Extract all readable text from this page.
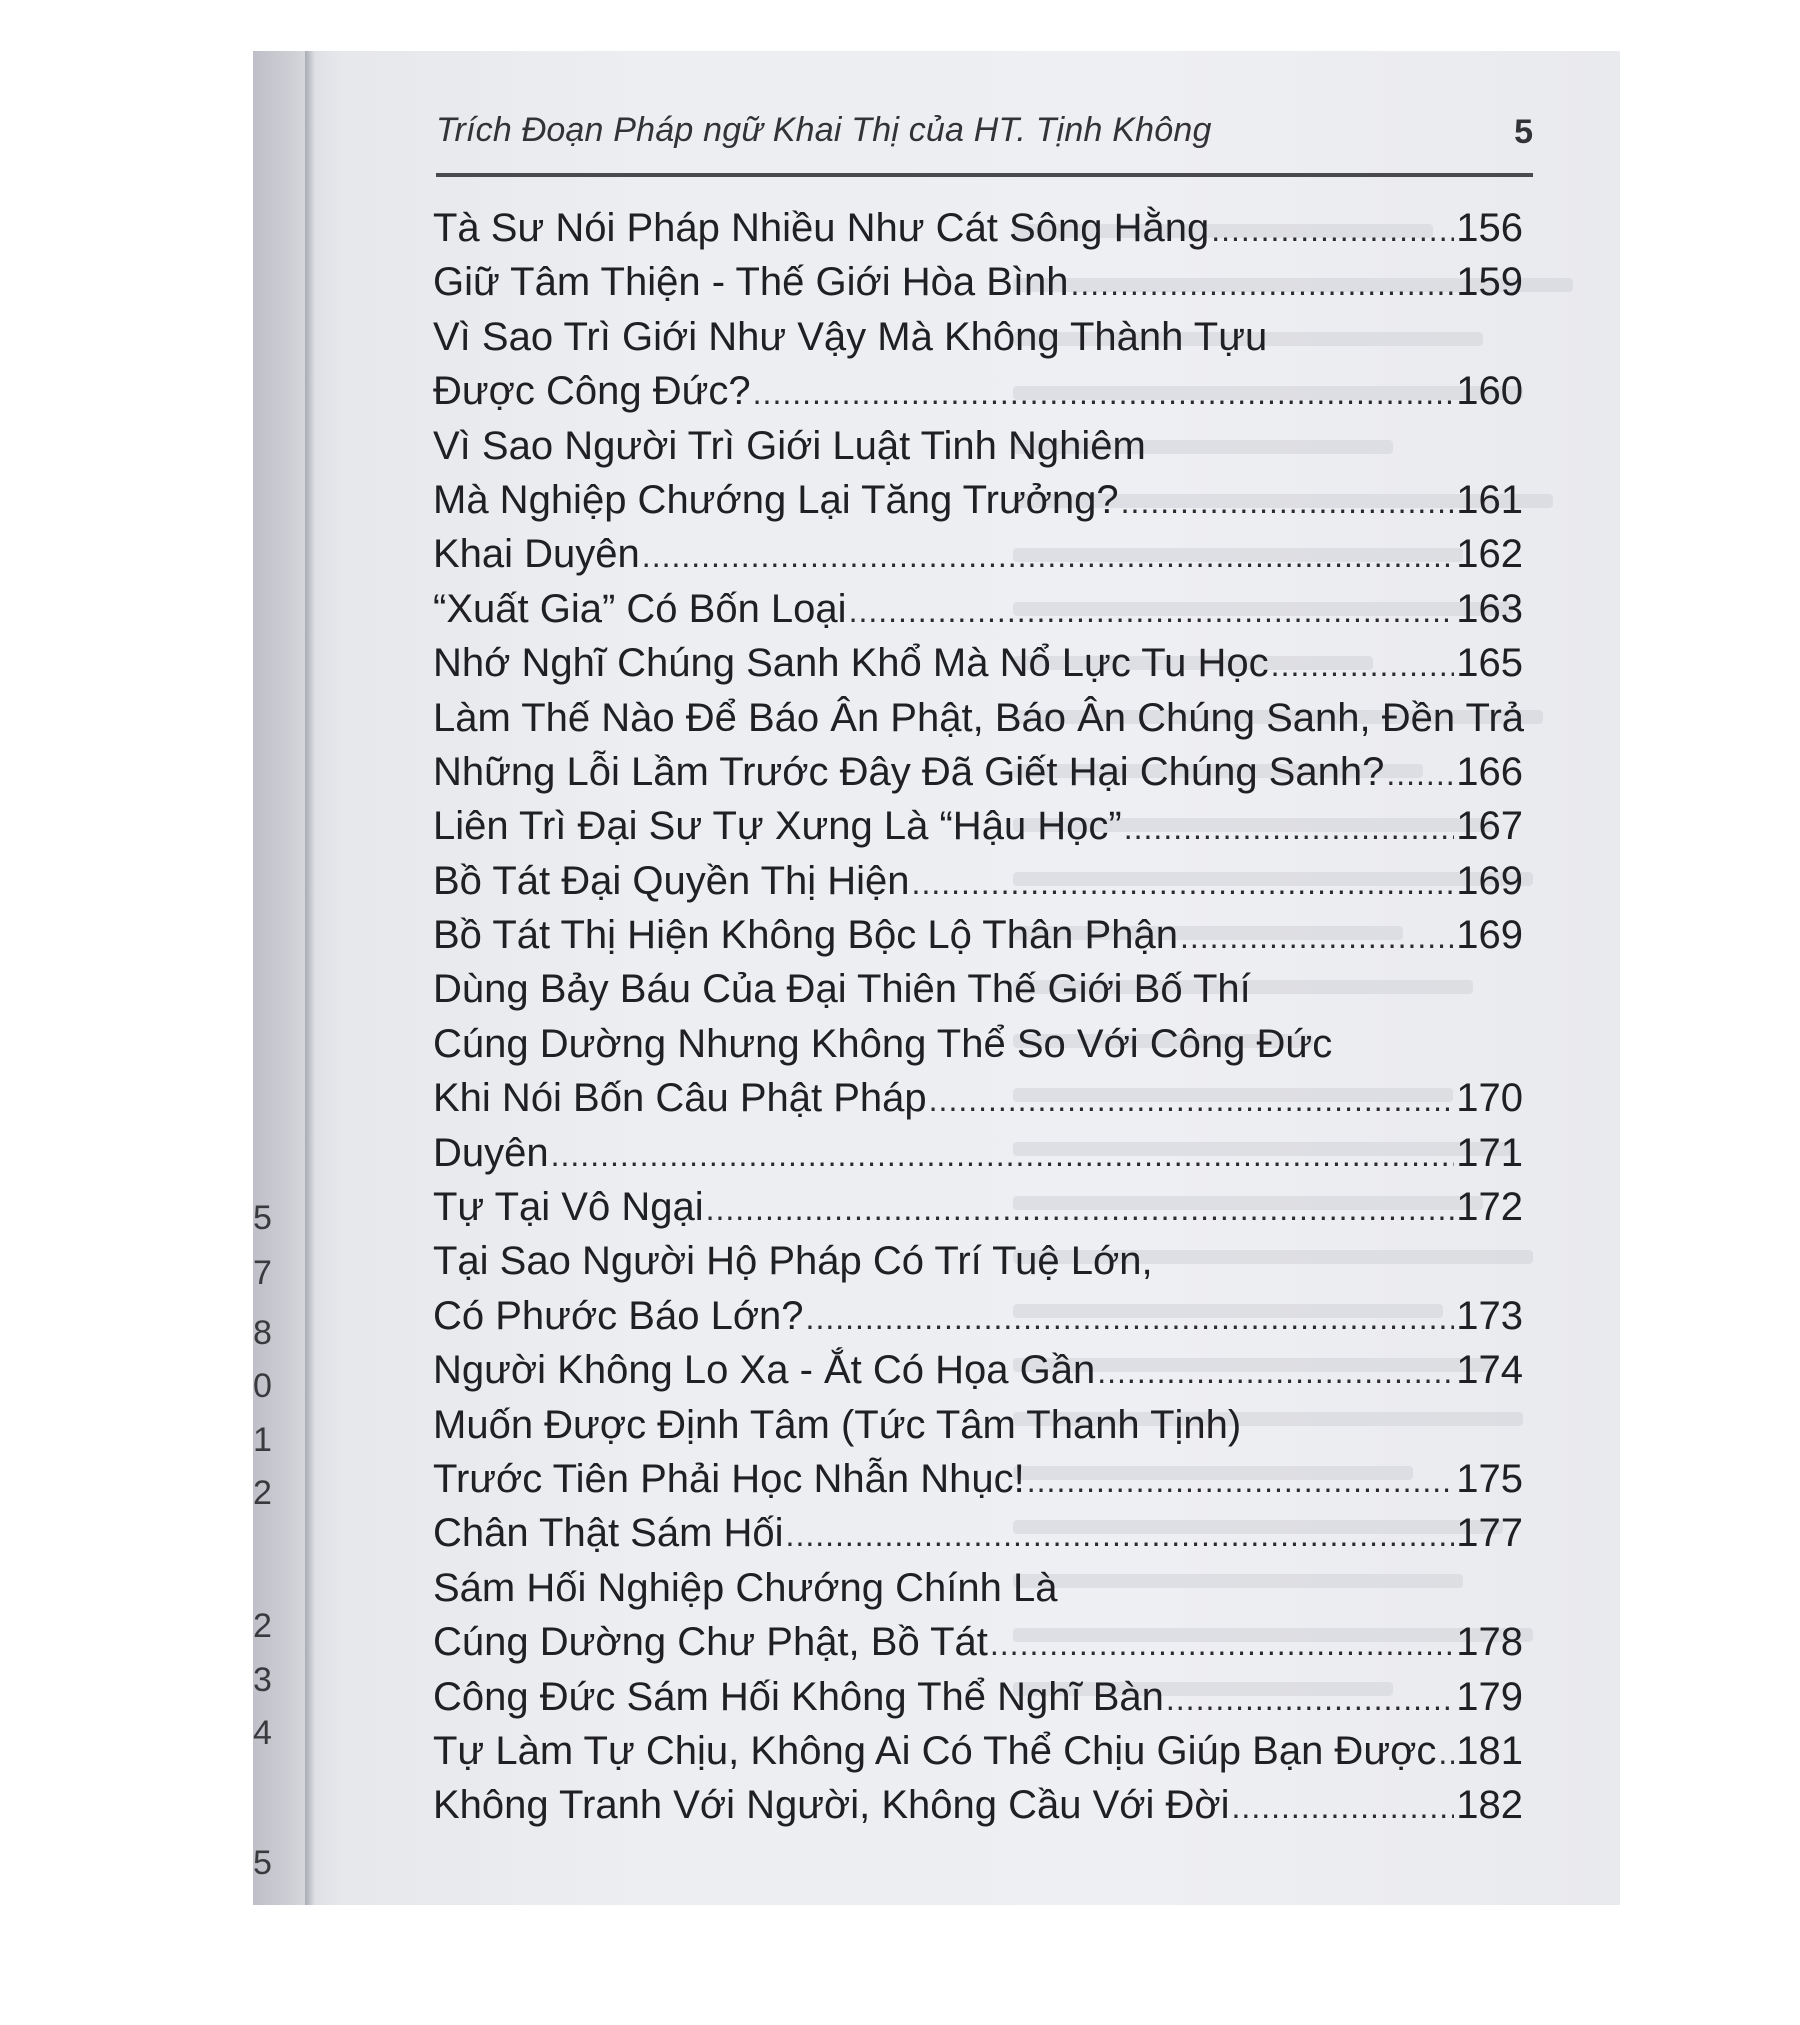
5
7
8
0
1
2
2
3
4
5
Trích Đoạn Pháp ngữ Khai Thị của HT. Tịnh Không	5
Tà Sư Nói Pháp Nhiều Như Cát Sông Hằng .....	156
Giữ Tâm Thiện - Thế Giới Hòa Bình .....	159
Vì Sao Trì Giới Như Vậy Mà Không Thành Tựu
Được Công Đức? .....	160
Vì Sao Người Trì Giới Luật Tinh Nghiêm
Mà Nghiệp Chướng Lại Tăng Trưởng? .....	161
Khai Duyên .....	162
“Xuất Gia” Có Bốn Loại .....	163
Nhớ Nghĩ Chúng Sanh Khổ Mà Nổ Lực Tu Học .....	165
Làm Thế Nào Để Báo Ân Phật, Báo Ân Chúng Sanh, Đền Trả
Những Lỗi Lầm Trước Đây Đã Giết Hại Chúng Sanh? ..... 166
Liên Trì Đại Sư Tự Xưng Là “Hậu Học” .....	167
Bồ Tát Đại Quyền Thị Hiện .....	169
Bồ Tát Thị Hiện Không Bộc Lộ Thân Phận .....	169
Dùng Bảy Báu Của Đại Thiên Thế Giới Bố Thí
Cúng Dường Nhưng Không Thể So Với Công Đức
Khi Nói Bốn Câu Phật Pháp .....	170
Duyên .....	171
Tự Tại Vô Ngại .....	172
Tại Sao Người Hộ Pháp Có Trí Tuệ Lớn,
Có Phước Báo Lớn? .....	173
Người Không Lo Xa - Ắt Có Họa Gần .....	174
Muốn Được Định Tâm (Tức Tâm Thanh Tịnh)
Trước Tiên Phải Học Nhẫn Nhục! .....	175
Chân Thật Sám Hối .....	177
Sám Hối Nghiệp Chướng Chính Là
Cúng Dường Chư Phật, Bồ Tát .....	178
Công Đức Sám Hối Không Thể Nghĩ Bàn .....	179
Tự Làm Tự Chịu, Không Ai Có Thể Chịu Giúp Bạn Được ..... 181
Không Tranh Với Người, Không Cầu Với Đời .....	182
